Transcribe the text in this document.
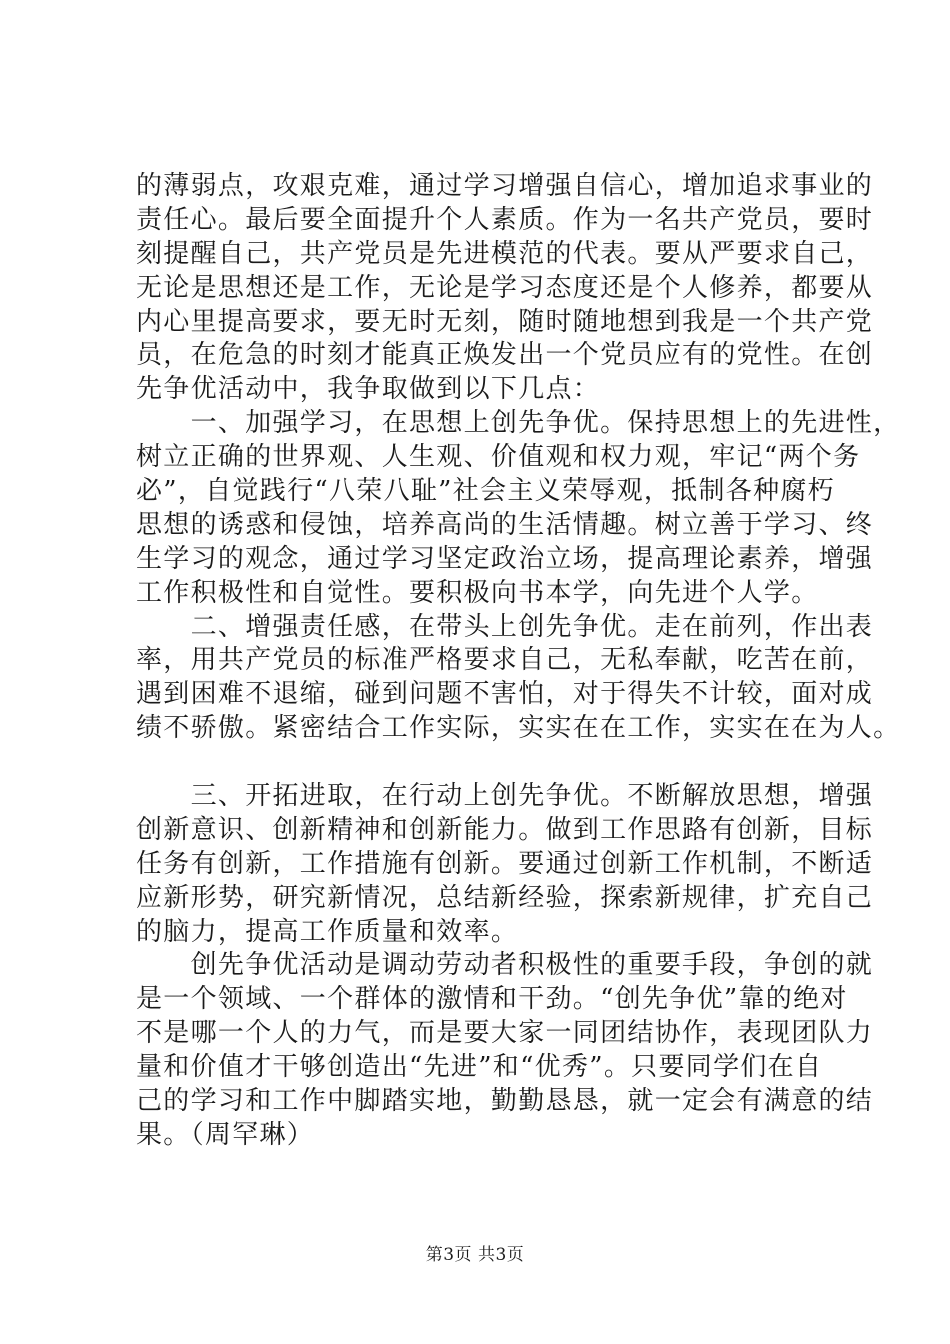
的薄弱点，攻艰克难，通过学习增强自信心，增加追求事业的
责任心。最后要全面提升个人素质。作为一名共产党员，要时
刻提醒自己，共产党员是先进模范的代表。要从严要求自己，
无论是思想还是工作，无论是学习态度还是个人修养，都要从
内心里提高要求，要无时无刻，随时随地想到我是一个共产党
员，在危急的时刻才能真正焕发出一个党员应有的党性。在创
先争优活动中，我争取做到以下几点：
　　一、加强学习，在思想上创先争优。保持思想上的先进性，
树立正确的世界观、人生观、价值观和权力观，牢记“两个务
必”，自觉践行“八荣八耻”社会主义荣辱观，抵制各种腐朽
思想的诱惑和侵蚀，培养高尚的生活情趣。树立善于学习、终
生学习的观念，通过学习坚定政治立场，提高理论素养，增强
工作积极性和自觉性。要积极向书本学，向先进个人学。
　　二、增强责任感，在带头上创先争优。走在前列，作出表
率，用共产党员的标准严格要求自己，无私奉献，吃苦在前，
遇到困难不退缩，碰到问题不害怕，对于得失不计较，面对成
绩不骄傲。紧密结合工作实际，实实在在工作，实实在在为人。
　　三、开拓进取，在行动上创先争优。不断解放思想，增强
创新意识、创新精神和创新能力。做到工作思路有创新，目标
任务有创新，工作措施有创新。要通过创新工作机制，不断适
应新形势，研究新情况，总结新经验，探索新规律，扩充自己
的脑力，提高工作质量和效率。
　　创先争优活动是调动劳动者积极性的重要手段，争创的就
是一个领域、一个群体的激情和干劲。“创先争优”靠的绝对
不是哪一个人的力气，而是要大家一同团结协作，表现团队力
量和价值才干够创造出“先进”和“优秀”。只要同学们在自
己的学习和工作中脚踏实地，勤勤恳恳，就一定会有满意的结
果。（周罕琳）
第3页 共3页
